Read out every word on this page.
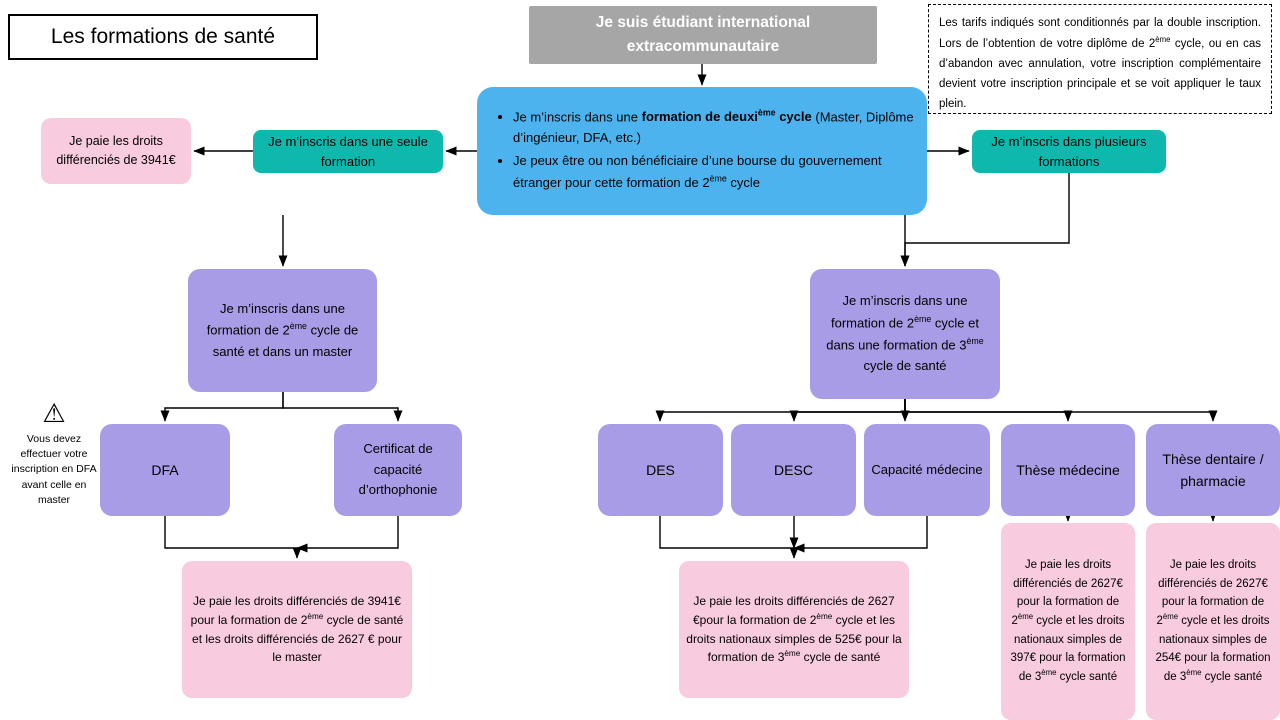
Les formations de santé
Je suis étudiant international
extracommunautaire
Les tarifs indiqués sont conditionnés par la double inscription. Lors de l’obtention de votre diplôme de 2ème cycle, ou en cas d’abandon avec annulation, votre inscription complémentaire devient votre inscription principale et se voit appliquer le taux plein.
• Je m’inscris dans une formation de deuxi$^{ème}$ cycle (Master, Diplôme d’ingénieur, DFA, etc.)
• Je peux être ou non bénéficiaire d’une bourse du gouvernement étranger pour cette formation de 2ème cycle
Je m’inscris dans une seule formation
Je m’inscris dans plusieurs formations
Je paie les droits différenciés de 3941€
Je m’inscris dans une formation de 2ème cycle de santé et dans un master
Je m’inscris dans une formation de 2ème cycle et dans une formation de 3ème cycle de santé
DFA
Certificat de capacité d’orthophonie
DES	DESC	Capacité médecine Thèse médecine
Thèse dentaire / pharmacie
Je paie les droits différenciés de 3941€ pour la formation de 2ème cycle de santé et les droits différenciés de 2627 € pour le master
Je paie les droits différenciés de 2627 €pour la formation de 2ème cycle et les droits nationaux simples de 525€ pour la formation de 3ème cycle de santé
Je paie les droits différenciés de 2627€ pour la formation de 2ème cycle et les droits nationaux simples de 397€ pour la formation de 3ème cycle santé
Je paie les droits différenciés de 2627€ pour la formation de 2ème cycle et les droits nationaux simples de 254€ pour la formation de 3ème cycle santé
⚠
Vous devez effectuer votre inscription en DFA avant celle en master
